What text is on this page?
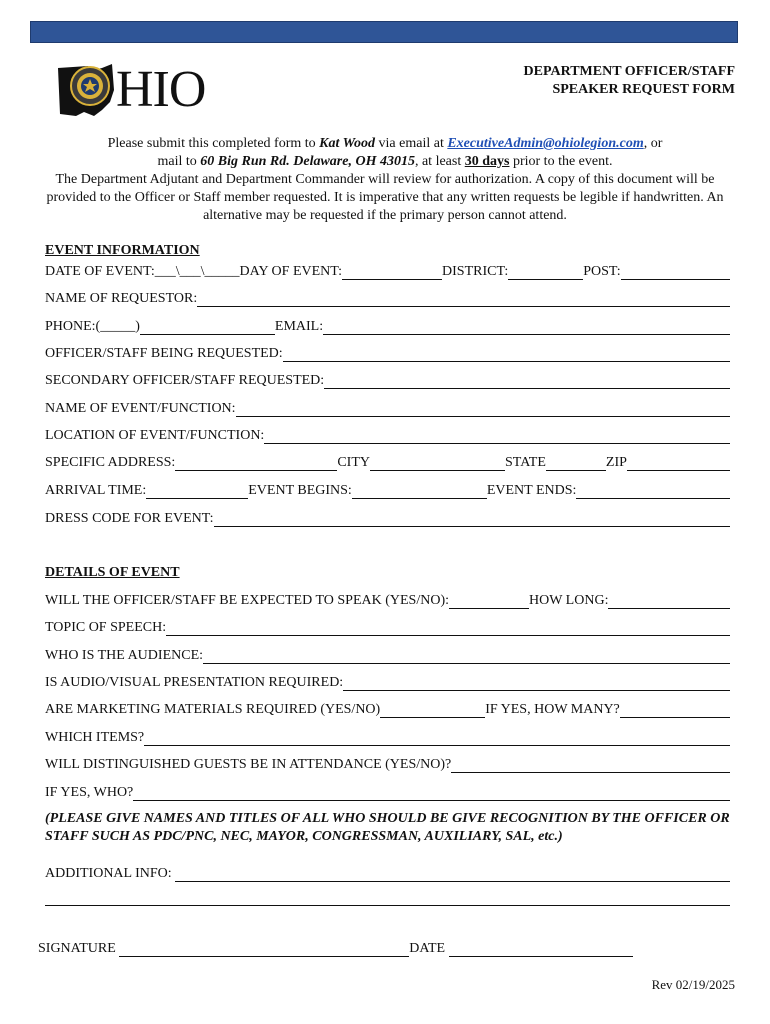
HIO	DEPARTMENT OFFICER/STAFF
SPEAKER REQUEST FORM
Please submit this completed form to Kat Wood via email at ExecutiveAdmin@ohiolegion.com, or
mail to 60 Big Run Rd. Delaware, OH 43015, at least 30 days prior to the event.
The Department Adjutant and Department Commander will review for authorization. A copy of this document will be provided to the Officer or Staff member requested. It is imperative that any written requests be legible if handwritten. An alternative may be requested if the primary person cannot attend.
EVENT INFORMATION
DATE OF EVENT:___\___\_____ DAY OF EVENT:	DISTRICT:	POST:
NAME OF REQUESTOR:
PHONE:(_____)	EMAIL:
OFFICER/STAFF BEING REQUESTED:
SECONDARY OFFICER/STAFF REQUESTED:
NAME OF EVENT/FUNCTION:
LOCATION OF EVENT/FUNCTION:
SPECIFIC ADDRESS:	CITY	STATE	ZIP
ARRIVAL TIME:	EVENT BEGINS:	EVENT ENDS:
DRESS CODE FOR EVENT:
DETAILS OF EVENT
WILL THE OFFICER/STAFF BE EXPECTED TO SPEAK (YES/NO):	HOW LONG:
TOPIC OF SPEECH:
WHO IS THE AUDIENCE:
IS AUDIO/VISUAL PRESENTATION REQUIRED:
ARE MARKETING MATERIALS REQUIRED (YES/NO)	IF YES, HOW MANY?
WHICH ITEMS?
WILL DISTINGUISHED GUESTS BE IN ATTENDANCE (YES/NO)?
IF YES, WHO?
(PLEASE GIVE NAMES AND TITLES OF ALL WHO SHOULD BE GIVE RECOGNITION BY THE OFFICER OR STAFF SUCH AS PDC/PNC, NEC, MAYOR, CONGRESSMAN, AUXILIARY, SAL, etc.)
ADDITIONAL INFO:
SIGNATURE	DATE
Rev 02/19/2025
